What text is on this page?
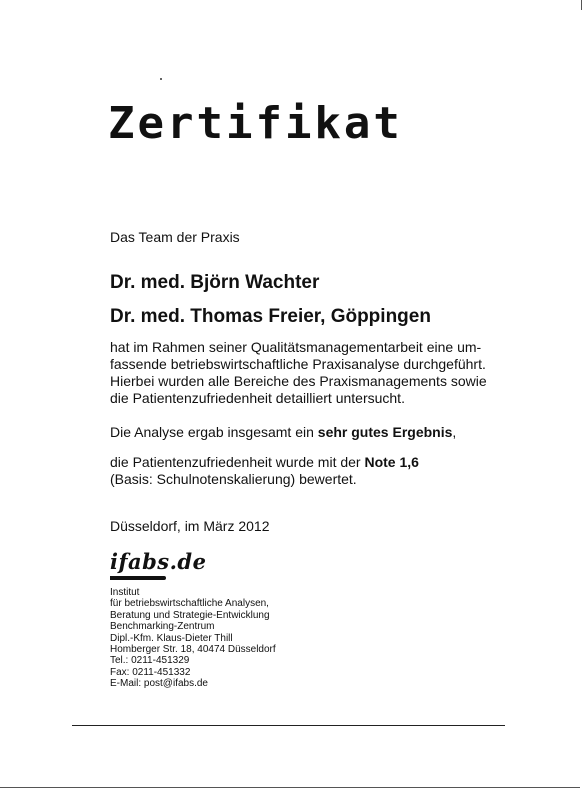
Zertifikat
Das Team der Praxis
Dr. med. Björn Wachter
Dr. med. Thomas Freier, Göppingen

hat im Rahmen seiner Qualitätsmanagementarbeit eine um-
fassende betriebswirtschaftliche Praxisanalyse durchgeführt.
Hierbei wurden alle Bereiche des Praxismanagements sowie
die Patientenzufriedenheit detailliert untersucht.

Die Analyse ergab insgesamt ein sehr gutes Ergebnis,

die Patientenzufriedenheit wurde mit der Note 1,6
(Basis: Schulnotenskalierung) bewertet.

Düsseldorf, im März 2012
ifabs.de

Institut
für betriebswirtschaftliche Analysen,
Beratung und Strategie-Entwicklung
Benchmarking-Zentrum
Dipl.-Kfm. Klaus-Dieter Thill
Homberger Str. 18, 40474 Düsseldorf
Tel.: 0211-451329
Fax: 0211-451332
E-Mail: post@ifabs.de
